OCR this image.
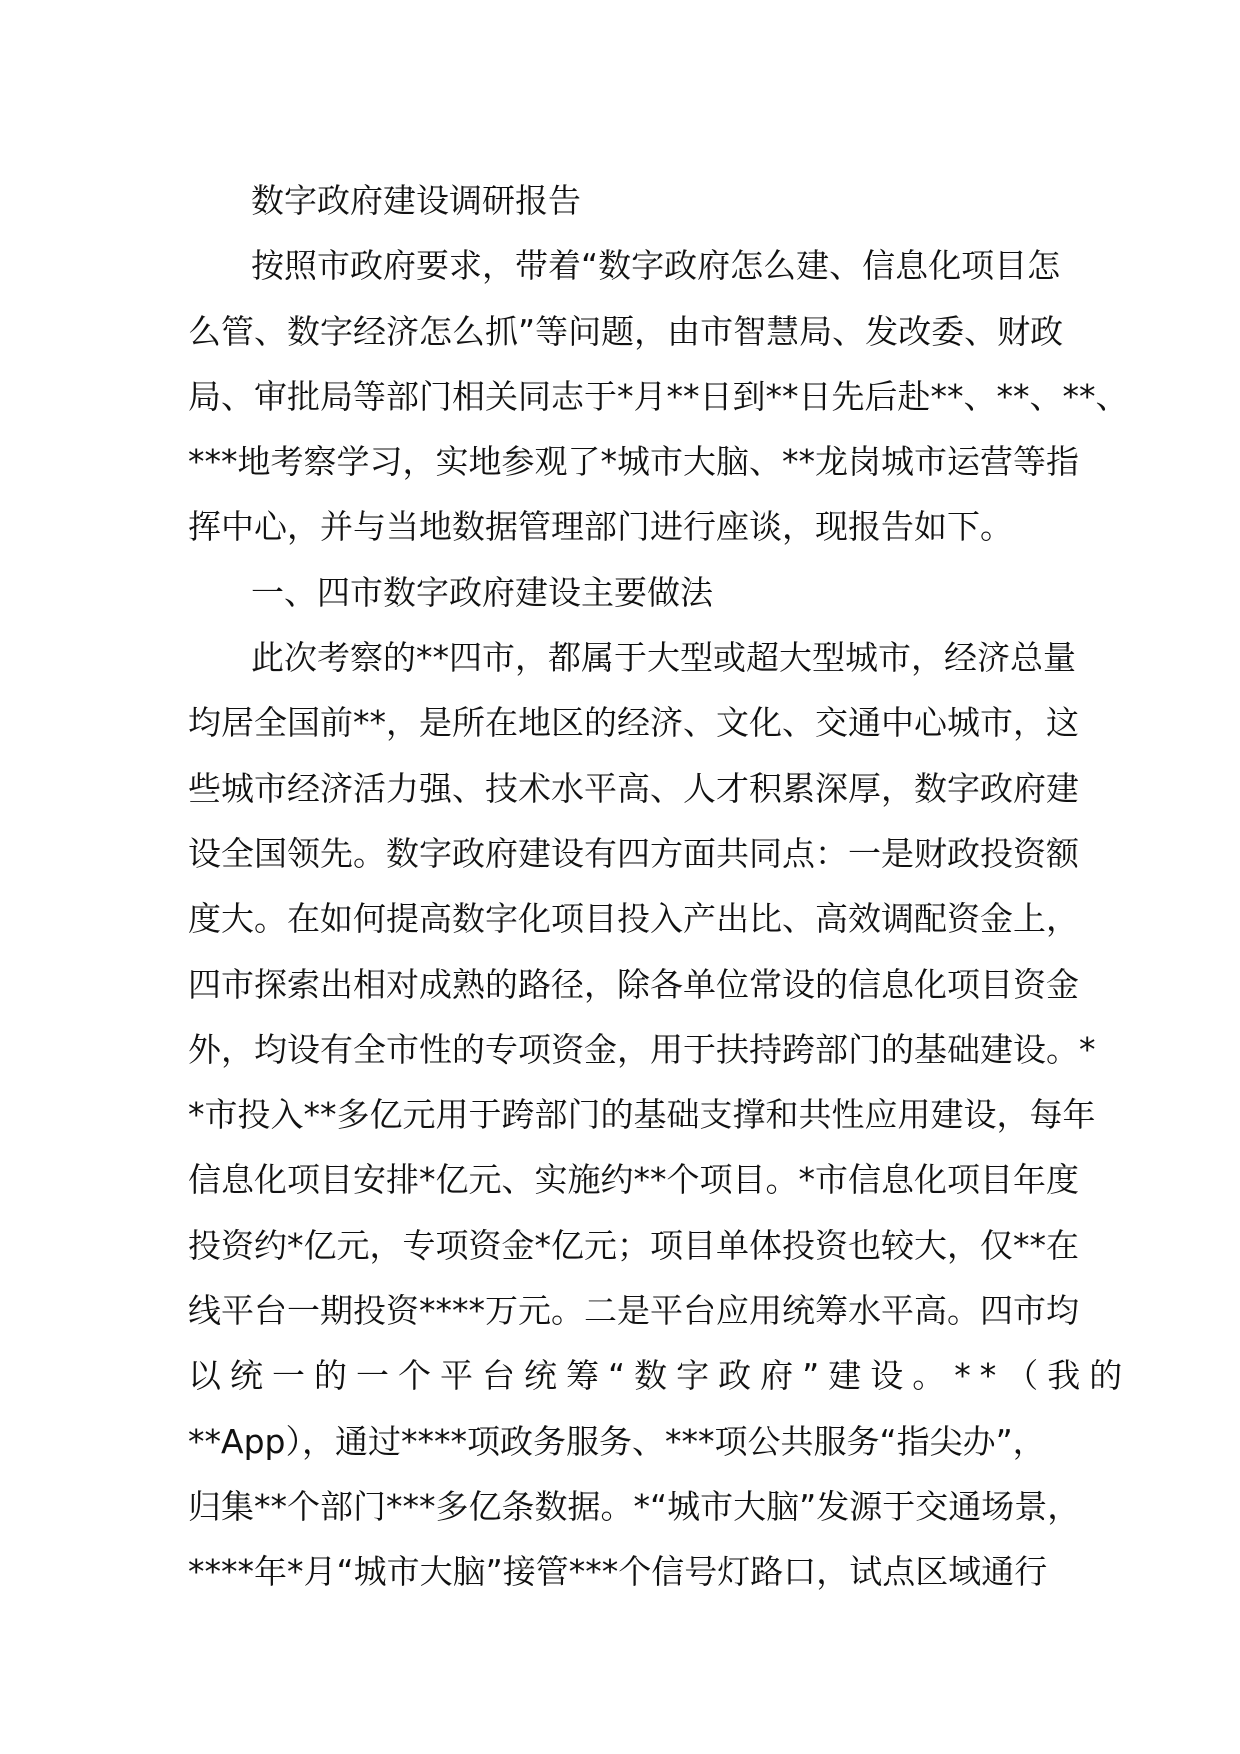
数字政府建设调研报告
按照市政府要求，带着“数字政府怎么建、信息化项目怎
么管、数字经济怎么抓”等问题，由市智慧局、发改委、财政
局、审批局等部门相关同志于*月**日到**日先后赴**、**、**、
***地考察学习，实地参观了*城市大脑、**龙岗城市运营等指
挥中心，并与当地数据管理部门进行座谈，现报告如下。
一、四市数字政府建设主要做法
此次考察的**四市，都属于大型或超大型城市，经济总量
均居全国前**，是所在地区的经济、文化、交通中心城市，这
些城市经济活力强、技术水平高、人才积累深厚，数字政府建
设全国领先。数字政府建设有四方面共同点：一是财政投资额
度大。在如何提高数字化项目投入产出比、高效调配资金上，
四市探索出相对成熟的路径，除各单位常设的信息化项目资金
外，均设有全市性的专项资金，用于扶持跨部门的基础建设。*
*市投入**多亿元用于跨部门的基础支撑和共性应用建设，每年
信息化项目安排*亿元、实施约**个项目。*市信息化项目年度
投资约*亿元，专项资金*亿元；项目单体投资也较大，仅**在
线平台一期投资****万元。二是平台应用统筹水平高。四市均
以统一的一个平台统筹“数字政府”建设。**（我的
**App），通过****项政务服务、***项公共服务“指尖办”，
归集**个部门***多亿条数据。*“城市大脑”发源于交通场景，
****年*月“城市大脑”接管***个信号灯路口，试点区域通行
